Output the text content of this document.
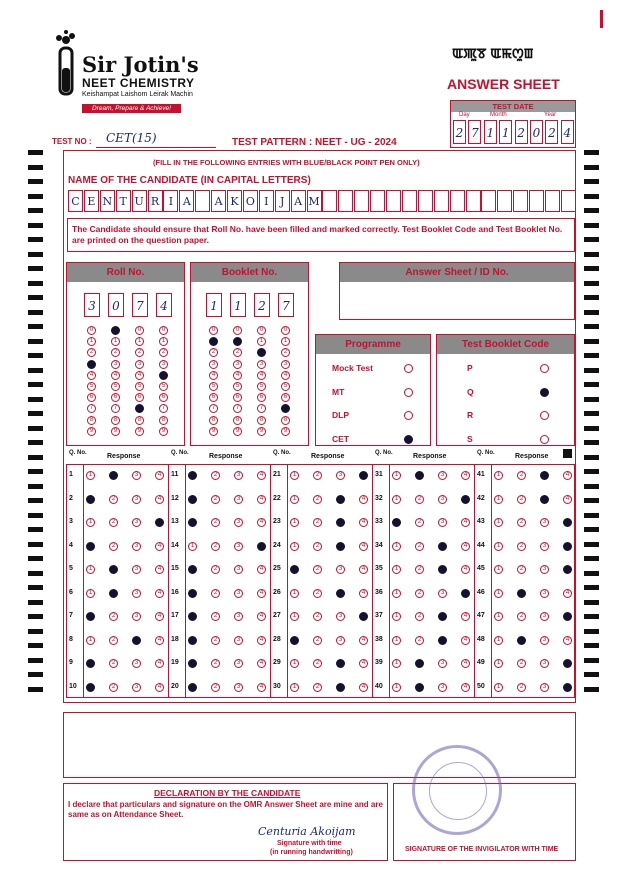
Sir Jotin's
NEET CHEMISTRY
Keishampat Laishom Leirak Machin
Dream, Prepare & Achieve!
ꯑꯄꯨꯕ ꯑꯃꯁꯨꯡ
ANSWER SHEET
TEST DATE
Day	Month	Year
2 7 1 1 2 0 2 4
TEST NO : CET(15)	TEST PATTERN : NEET - UG - 2024
(FILL IN THE FOLLOWING ENTRIES WITH BLUE/BLACK POINT PEN ONLY)
NAME OF THE CANDIDATE (IN CAPITAL LETTERS)
C E N T U R I A	A K O I	J A M
The Candidate should ensure that Roll No. have been filled and marked correctly. Test Booklet Code and Test Booklet No. are printed on the question paper.
Roll No.	Booklet No.	Answer Sheet / ID No.
Programme	Test Booklet Code
DECLARATION BY THE CANDIDATE
I declare that particulars and signature on the OMR Answer Sheet are mine and are same as on Attendance Sheet.
Centuria Akoijam
Signature with time
(in running handwritting)	SIGNATURE OF THE INVIGILATOR WITH TIME
3
0
1
2
3
4
5
6
7
8
9
0
0
1
2
3
4
5
6
7
8
9
7
0
1
2
3
4
5
6
7
8
9
4
0
1
2
3
4
5
6
7
8
9
1
0
1
2
3
4
5
6
7
8
9
1
0
1
2
3
4
5
6
7
8
9
2
0
1
2
3
4
5
6
7
8
9
7
0
1
2
3
4
5
6
7
8
9
Mock Test
MT
DLP
CET
P
Q
R
S
Q. No.	Response
1	1	2	3	4
2	1	2	3	4
3	1	2	3	4
4	1	2	3	4
5	1	2	3	4
6	1	2	3	4
7	1	2	3	4
8	1	2	3	4
9	1	2	3	4
10	1	2	3	4
Q. No.	Response
11	1	2	3	4
12	1	2	3	4
13	1	2	3	4
14	1	2	3	4
15	1	2	3	4
16	1	2	3	4
17	1	2	3	4
18	1	2	3	4
19	1	2	3	4
20	1	2	3	4
Q. No.	Response
21	1	2	3	4
22	1	2	3	4
23	1	2	3	4
24	1	2	3	4
25	1	2	3	4
26	1	2	3	4
27	1	2	3	4
28	1	2	3	4
29	1	2	3	4
30	1	2	3	4
Q. No.	Response
31	1	2	3	4
32	1	2	3	4
33	1	2	3	4
34	1	2	3	4
35	1	2	3	4
36	1	2	3	4
37	1	2	3	4
38	1	2	3	4
39	1	2	3	4
40	1	2	3	4
Q. No.	Response
41	1	2	3	4
42	1	2	3	4
43	1	2	3	4
44	1	2	3	4
45	1	2	3	4
46	1	2	3	4
47	1	2	3	4
48	1	2	3	4
49	1	2	3	4
50	1	2	3	4
